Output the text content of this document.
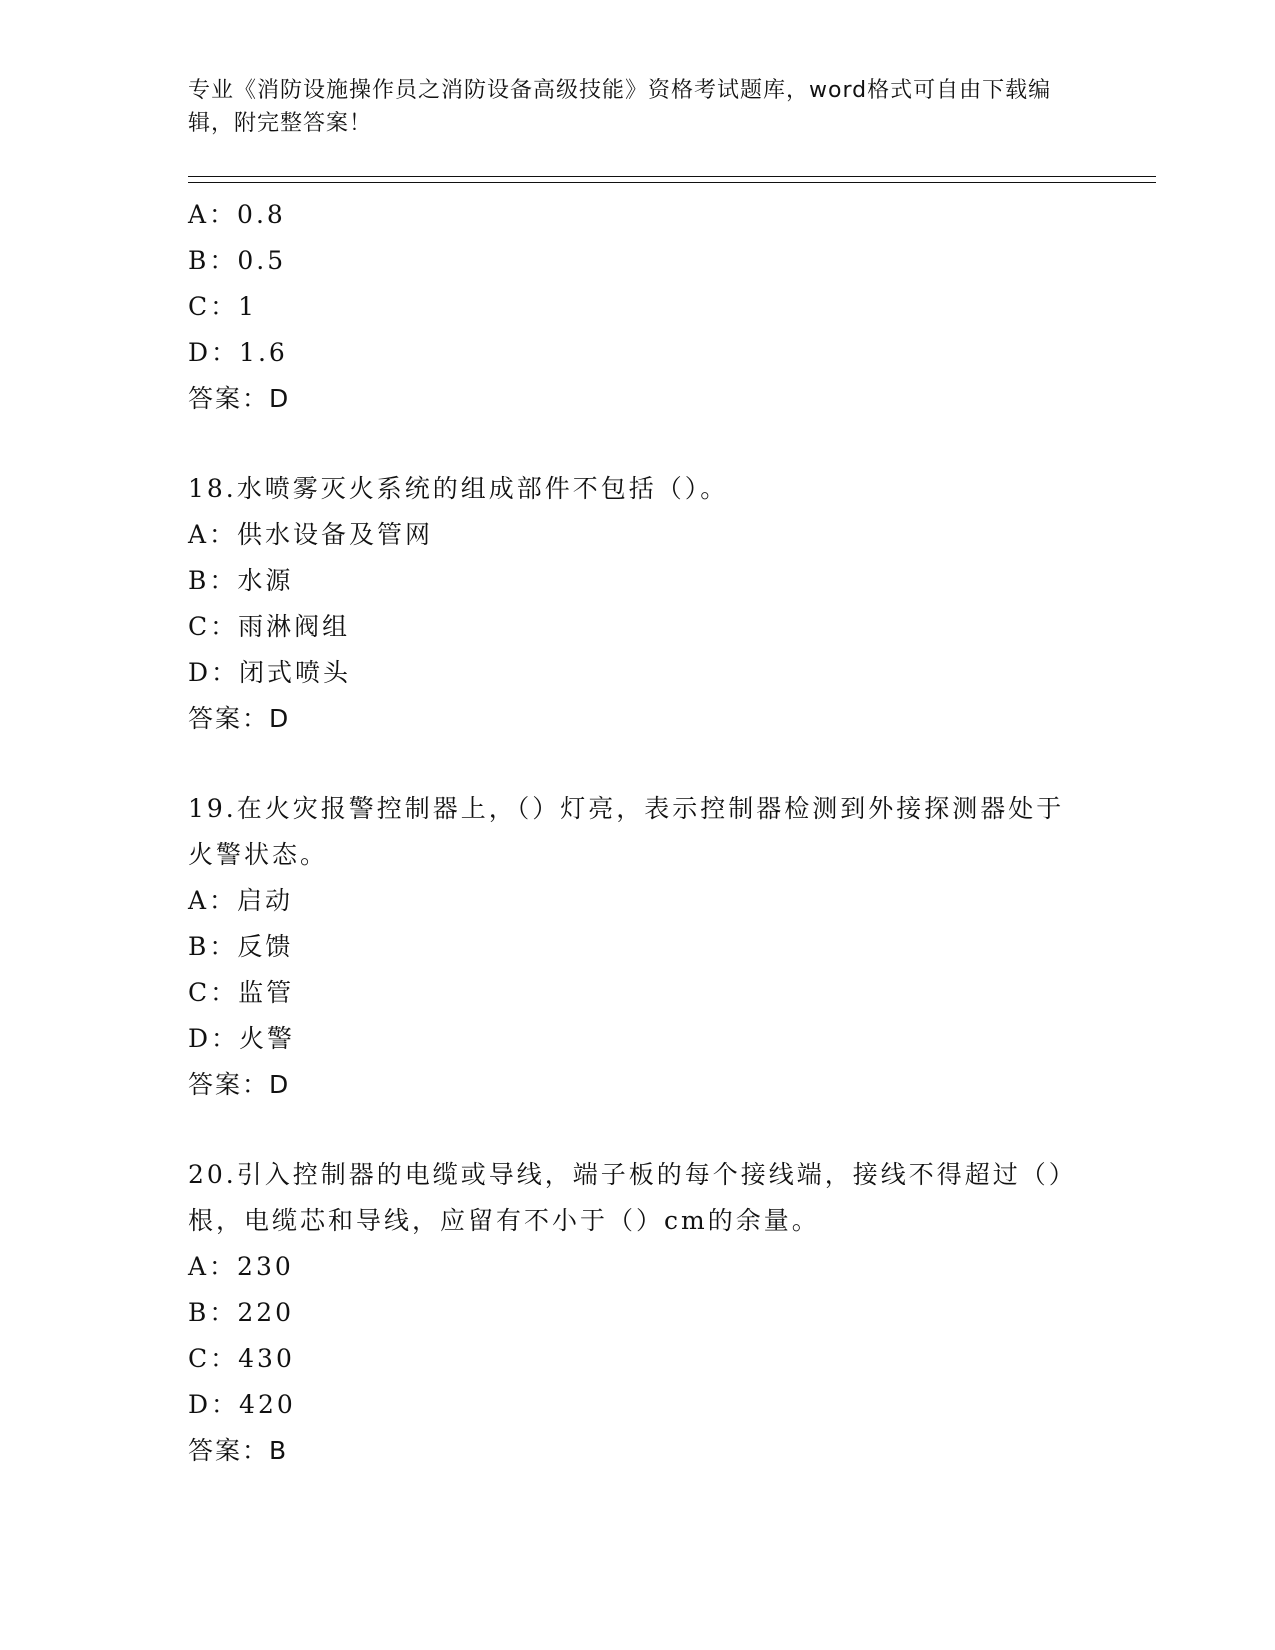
专业《消防设施操作员之消防设备高级技能》资格考试题库，word格式可自由下载编辑，附完整答案！
A：0.8
B：0.5
C：1
D：1.6
答案：D
18.水喷雾灭火系统的组成部件不包括（）。
A：供水设备及管网
B：水源
C：雨淋阀组
D：闭式喷头
答案：D
19.在火灾报警控制器上，（）灯亮，表示控制器检测到外接探测器处于火警状态。
A：启动
B：反馈
C：监管
D：火警
答案：D
20.引入控制器的电缆或导线，端子板的每个接线端，接线不得超过（）根，电缆芯和导线，应留有不小于（）cm的余量。
A：230
B：220
C：430
D：420
答案：B
